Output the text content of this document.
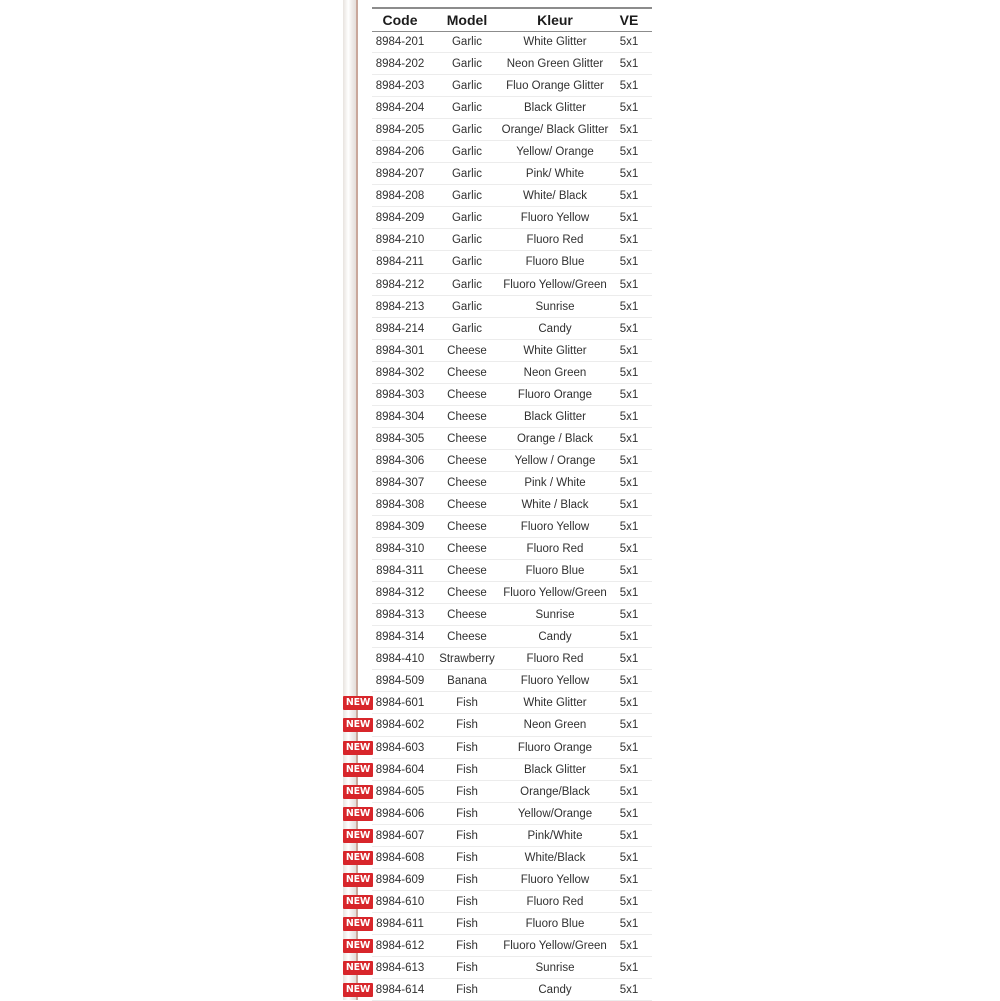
Code	Model	Kleur	VE
8984-201	Garlic	White Glitter	5x1
8984-202	Garlic	Neon Green Glitter	5x1
8984-203	Garlic	Fluo Orange Glitter	5x1
8984-204	Garlic	Black Glitter	5x1
8984-205	Garlic	Orange/ Black Glitter 5x1
8984-206	Garlic	Yellow/ Orange	5x1
8984-207	Garlic	Pink/ White	5x1
8984-208	Garlic	White/ Black	5x1
8984-209	Garlic	Fluoro Yellow	5x1
8984-210	Garlic	Fluoro Red	5x1
8984-211	Garlic	Fluoro Blue	5x1
8984-212	Garlic	Fluoro Yellow/Green	5x1
8984-213	Garlic	Sunrise	5x1
8984-214	Garlic	Candy	5x1
8984-301	Cheese	White Glitter	5x1
8984-302	Cheese	Neon Green	5x1
8984-303	Cheese	Fluoro Orange	5x1
8984-304	Cheese	Black Glitter	5x1
8984-305	Cheese	Orange / Black	5x1
8984-306	Cheese	Yellow / Orange	5x1
8984-307	Cheese	Pink / White	5x1
8984-308	Cheese	White / Black	5x1
8984-309	Cheese	Fluoro Yellow	5x1
8984-310	Cheese	Fluoro Red	5x1
8984-311	Cheese	Fluoro Blue	5x1
8984-312	Cheese	Fluoro Yellow/Green	5x1
8984-313	Cheese	Sunrise	5x1
8984-314	Cheese	Candy	5x1
8984-410	Strawberry	Fluoro Red	5x1
8984-509	Banana	Fluoro Yellow	5x1
NEW 8984-601	Fish	White Glitter	5x1
NEW 8984-602	Fish	Neon Green	5x1
NEW 8984-603	Fish	Fluoro Orange	5x1
NEW 8984-604	Fish	Black Glitter	5x1
NEW 8984-605	Fish	Orange/Black	5x1
NEW 8984-606	Fish	Yellow/Orange	5x1
NEW 8984-607	Fish	Pink/White	5x1
NEW 8984-608	Fish	White/Black	5x1
NEW 8984-609	Fish	Fluoro Yellow	5x1
NEW 8984-610	Fish	Fluoro Red	5x1
NEW 8984-611	Fish	Fluoro Blue	5x1
NEW 8984-612	Fish	Fluoro Yellow/Green	5x1
NEW 8984-613	Fish	Sunrise	5x1
NEW 8984-614	Fish	Candy	5x1
